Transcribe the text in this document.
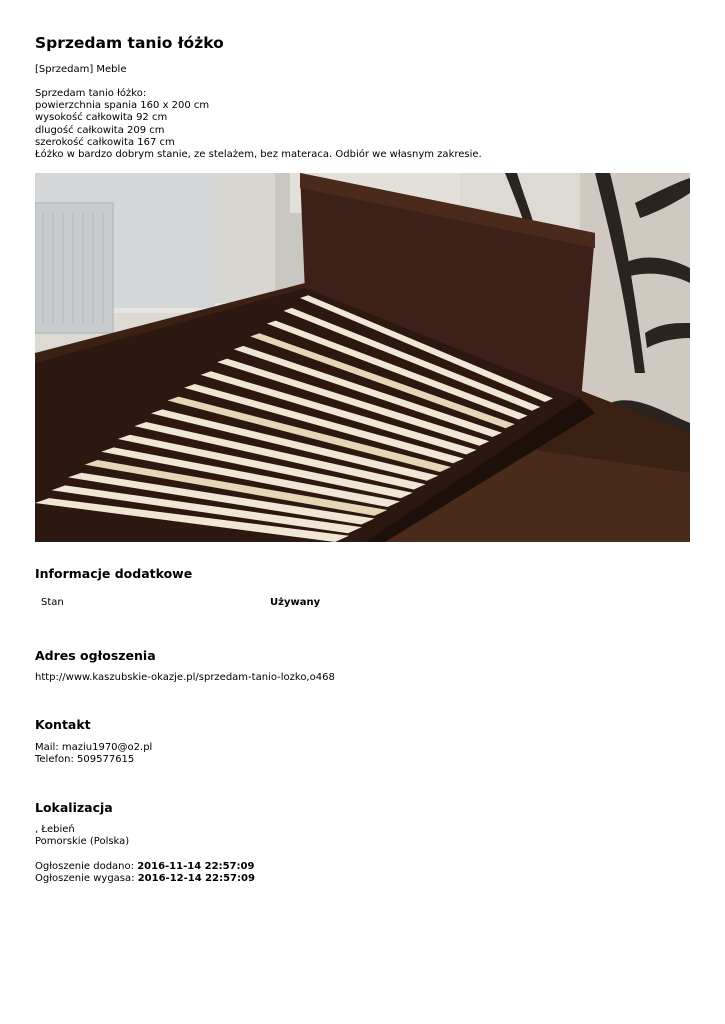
Sprzedam tanio łóżko
[Sprzedam] Meble
Sprzedam tanio łóżko:
powierzchnia spania 160 x 200 cm
wysokość całkowita 92 cm
dlugość całkowita 209 cm
szerokość całkowita 167 cm
Łóżko w bardzo dobrym stanie, ze stelażem, bez materaca. Odbiór we własnym zakresie.
Informacje dodatkowe
Stan	Używany
Adres ogłoszenia
http://www.kaszubskie-okazje.pl/sprzedam-tanio-lozko,o468
Kontakt
Mail: maziu1970@o2.pl
Telefon: 509577615
Lokalizacja
, Łebień
Pomorskie (Polska)
Ogłoszenie dodano: 2016-11-14 22:57:09
Ogłoszenie wygasa: 2016-12-14 22:57:09
